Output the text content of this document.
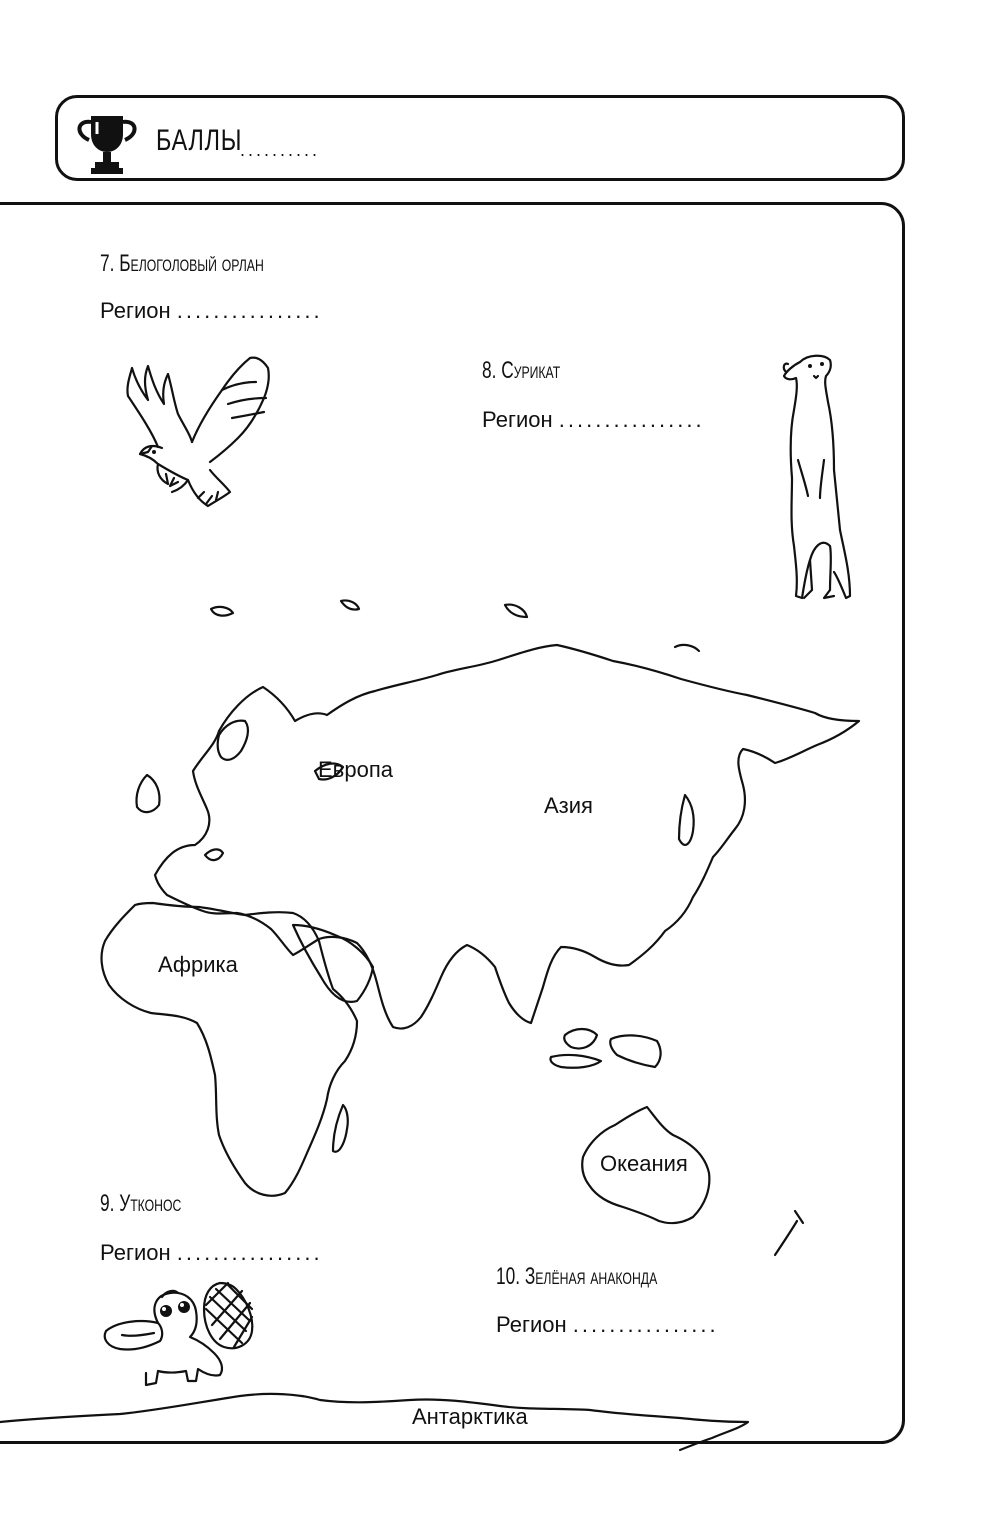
БАЛЛЫ
..........
7. Белоголовый орлан
Регион ................
8. Сурикат
Регион ................
9. Утконос
Регион ................
10. Зелёная анаконда
Регион ................
Европа
Азия
Африка
Океания
Антарктика
